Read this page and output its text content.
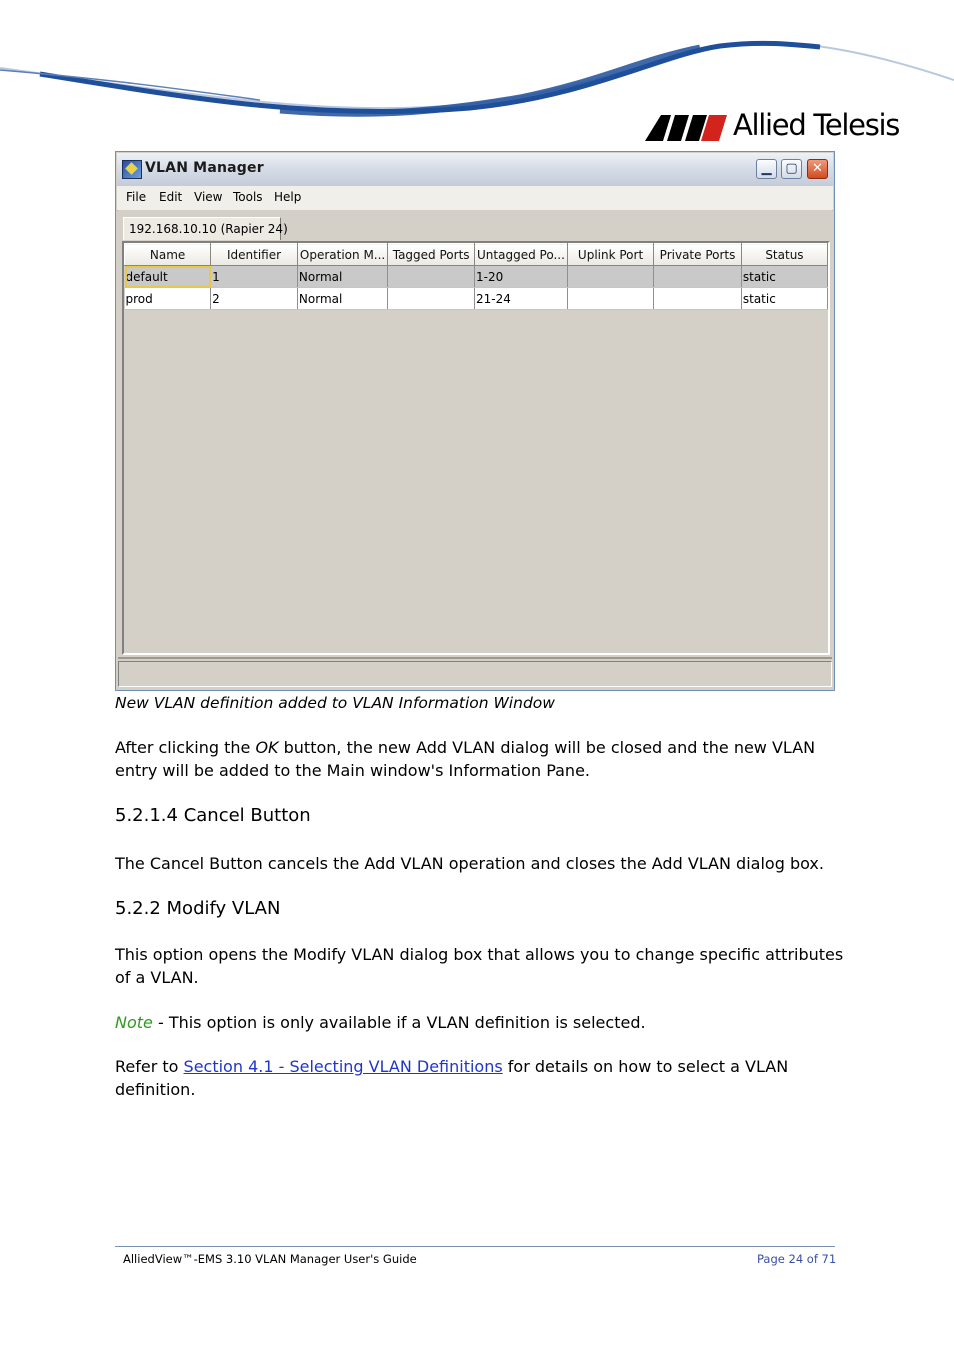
Allied Telesis
VLAN Manager	▁	▢	✕
File Edit View Tools Help
192.168.10.10 (Rapier 24)
Name	Identifier	Operation M...	Tagged Ports	Untagged Po...	Uplink Port	Private Ports	Status
default	1	Normal		1-20			static
prod	2	Normal		21-24			static
New VLAN definition added to VLAN Information Window
After clicking the OK button, the new Add VLAN dialog will be closed and the new VLAN
entry will be added to the Main window's Information Pane.
5.2.1.4 Cancel Button
The Cancel Button cancels the Add VLAN operation and closes the Add VLAN dialog box.
5.2.2 Modify VLAN
This option opens the Modify VLAN dialog box that allows you to change specific attributes
of a VLAN.
Note - This option is only available if a VLAN definition is selected.
Refer to Section 4.1 - Selecting VLAN Definitions for details on how to select a VLAN
definition.
AlliedView™-EMS 3.10 VLAN Manager User's Guide	Page 24 of 71
